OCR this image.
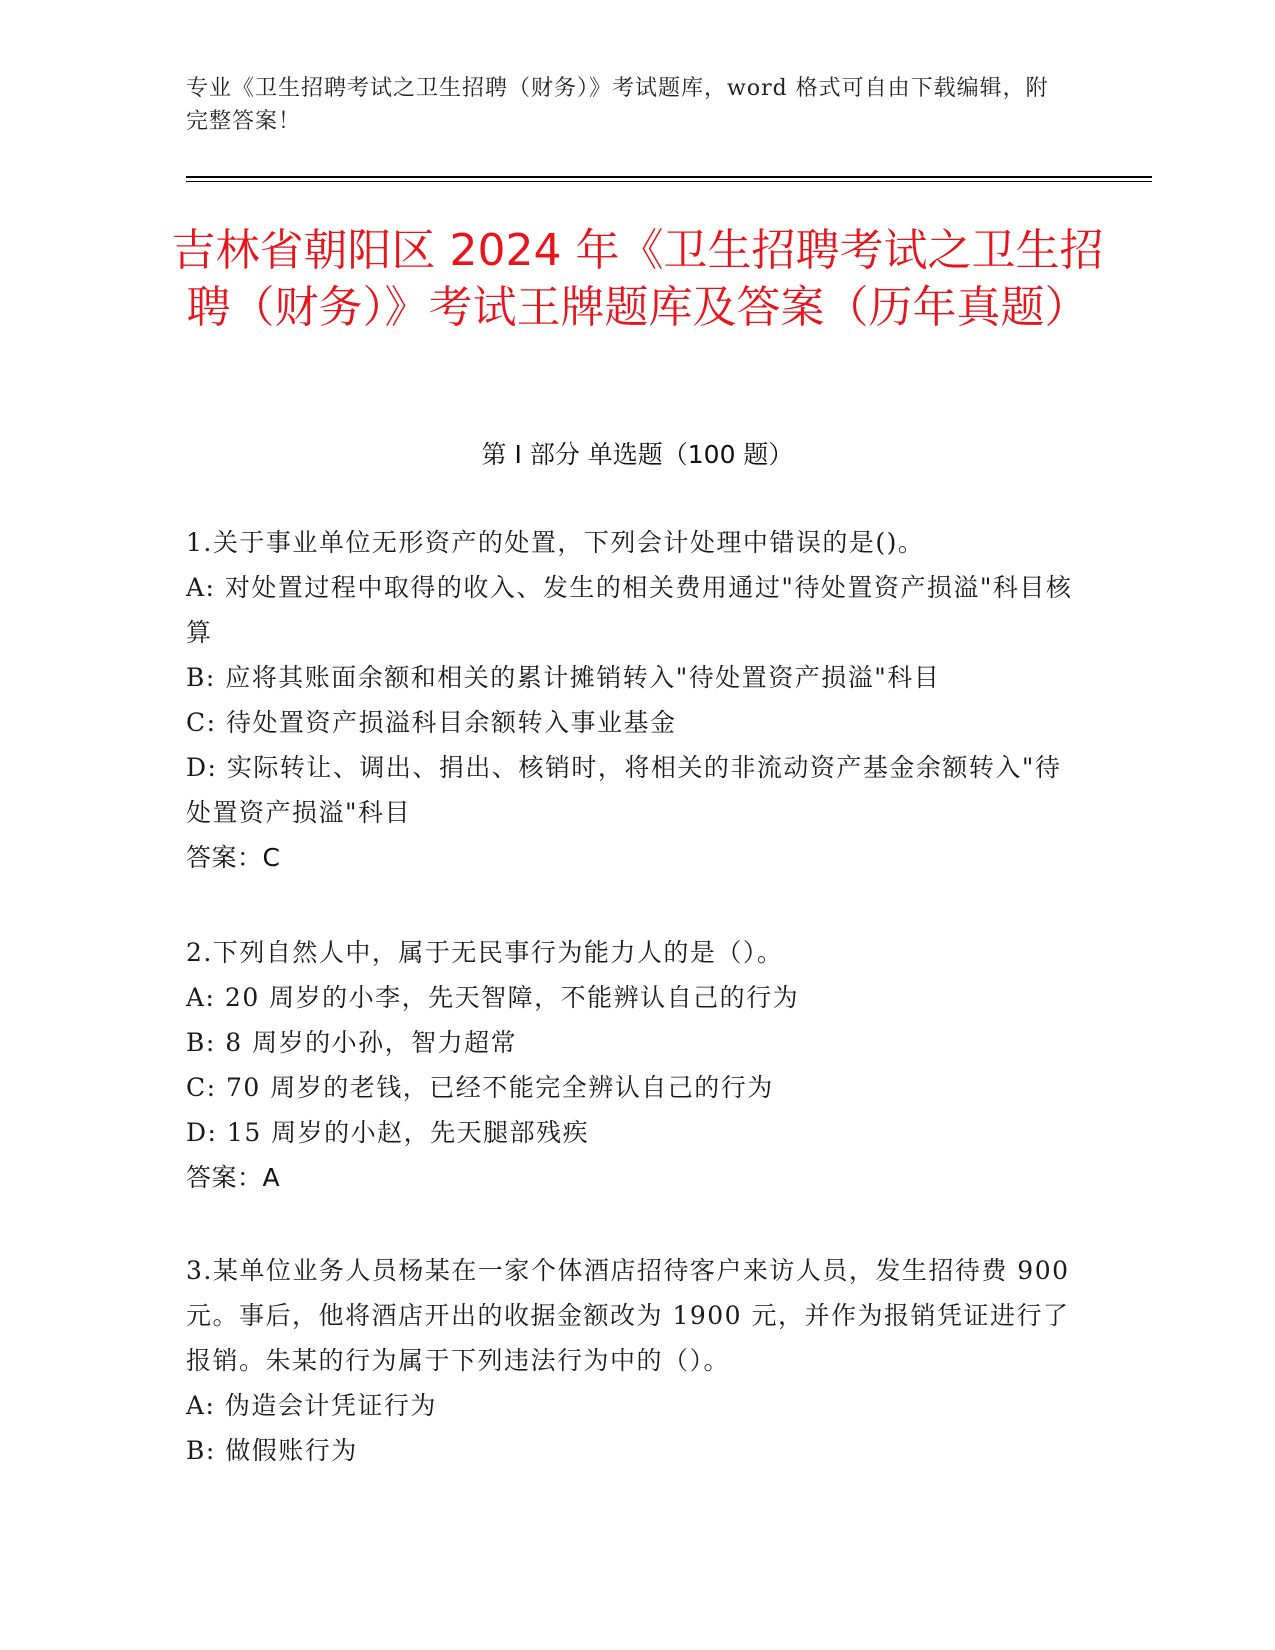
专业《卫生招聘考试之卫生招聘（财务）》考试题库，word 格式可自由下载编辑，附完整答案！
吉林省朝阳区 2024 年《卫生招聘考试之卫生招聘（财务）》考试王牌题库及答案（历年真题）
第 I 部分 单选题（100 题）
1.关于事业单位无形资产的处置，下列会计处理中错误的是()。
A: 对处置过程中取得的收入、发生的相关费用通过"待处置资产损溢"科目核算
B: 应将其账面余额和相关的累计摊销转入"待处置资产损溢"科目
C: 待处置资产损溢科目余额转入事业基金
D: 实际转让、调出、捐出、核销时，将相关的非流动资产基金余额转入"待处置资产损溢"科目
答案：C
2.下列自然人中，属于无民事行为能力人的是（）。
A: 20 周岁的小李，先天智障，不能辨认自己的行为
B: 8 周岁的小孙，智力超常
C: 70 周岁的老钱，已经不能完全辨认自己的行为
D: 15 周岁的小赵，先天腿部残疾
答案：A
3.某单位业务人员杨某在一家个体酒店招待客户来访人员，发生招待费 900 元。事后，他将酒店开出的收据金额改为 1900 元，并作为报销凭证进行了报销。朱某的行为属于下列违法行为中的（）。
A: 伪造会计凭证行为
B: 做假账行为
